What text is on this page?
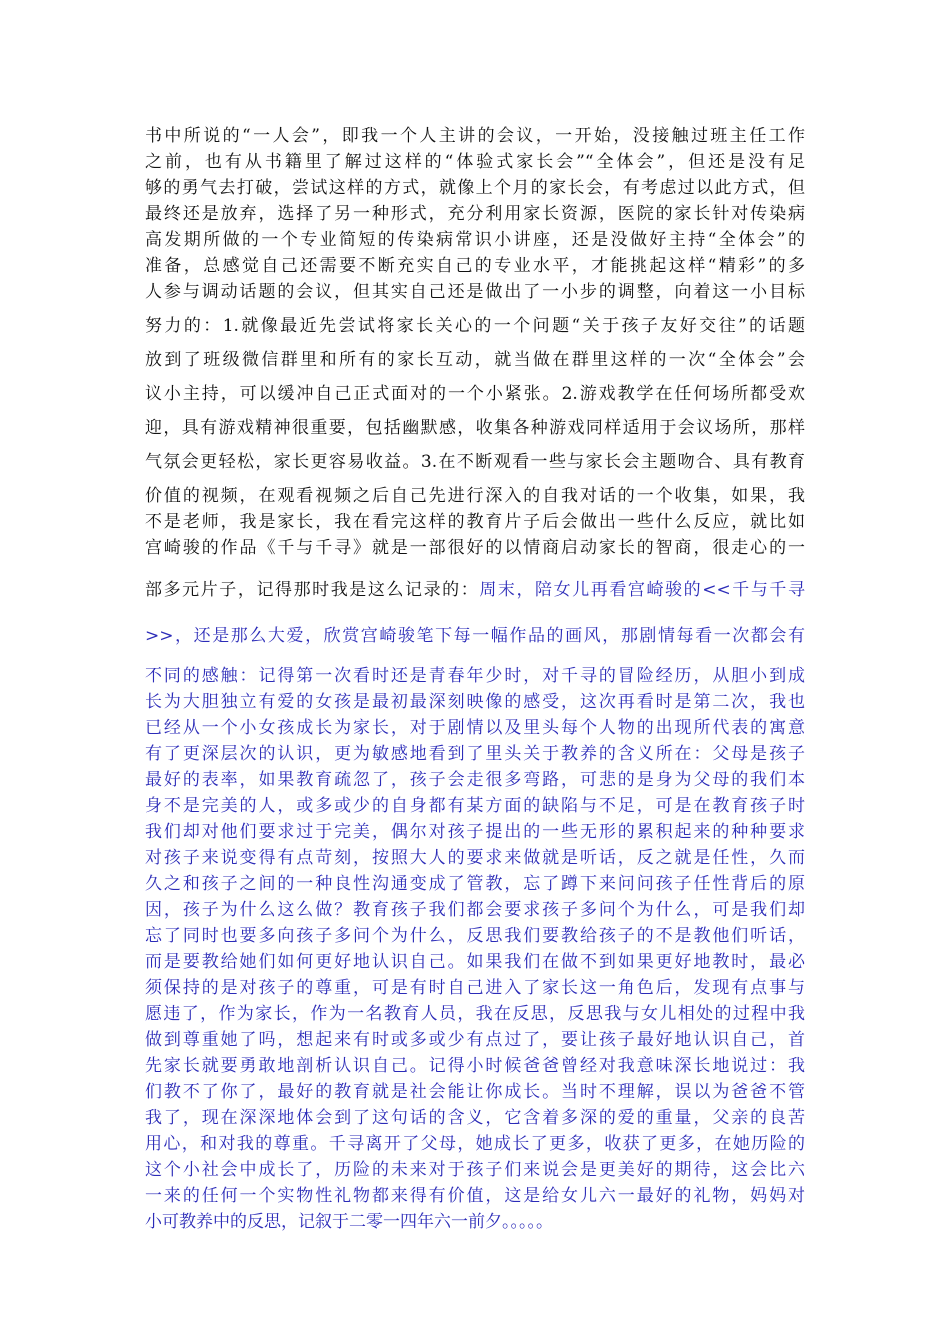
书中所说的“一人会”，即我一个人主讲的会议，一开始，没接触过班主任工作

之前，也有从书籍里了解过这样的“体验式家长会”“全体会”，但还是没有足

够的勇气去打破，尝试这样的方式，就像上个月的家长会，有考虑过以此方式，但

最终还是放弃，选择了另一种形式，充分利用家长资源，医院的家长针对传染病

高发期所做的一个专业简短的传染病常识小讲座，还是没做好主持“全体会”的

准备，总感觉自己还需要不断充实自己的专业水平，才能挑起这样“精彩”的多

人参与调动话题的会议，但其实自己还是做出了一小步的调整，向着这一小目标

努力的：1.就像最近先尝试将家长关心的一个问题“关于孩子友好交往”的话题

放到了班级微信群里和所有的家长互动，就当做在群里这样的一次“全体会”会

议小主持，可以缓冲自己正式面对的一个小紧张。2.游戏教学在任何场所都受欢

迎，具有游戏精神很重要，包括幽默感，收集各种游戏同样适用于会议场所，那样

气氛会更轻松，家长更容易收益。3.在不断观看一些与家长会主题吻合、具有教育

价值的视频，在观看视频之后自己先进行深入的自我对话的一个收集，如果，我

不是老师，我是家长，我在看完这样的教育片子后会做出一些什么反应，就比如

宫崎骏的作品《千与千寻》就是一部很好的以情商启动家长的智商，很走心的一

部多元片子，记得那时我是这么记录的：周末，陪女儿再看宫崎骏的<<千与千寻

>>，还是那么大爱，欣赏宫崎骏笔下每一幅作品的画风，那剧情每看一次都会有

不同的感触：记得第一次看时还是青春年少时，对千寻的冒险经历，从胆小到成

长为大胆独立有爱的女孩是最初最深刻映像的感受，这次再看时是第二次，我也

已经从一个小女孩成长为家长，对于剧情以及里头每个人物的出现所代表的寓意

有了更深层次的认识，更为敏感地看到了里头关于教养的含义所在：父母是孩子

最好的表率，如果教育疏忽了，孩子会走很多弯路，可悲的是身为父母的我们本

身不是完美的人，或多或少的自身都有某方面的缺陷与不足，可是在教育孩子时

我们却对他们要求过于完美，偶尔对孩子提出的一些无形的累积起来的种种要求

对孩子来说变得有点苛刻，按照大人的要求来做就是听话，反之就是任性，久而

久之和孩子之间的一种良性沟通变成了管教，忘了蹲下来问问孩子任性背后的原

因，孩子为什么这么做？教育孩子我们都会要求孩子多问个为什么，可是我们却

忘了同时也要多向孩子多问个为什么，反思我们要教给孩子的不是教他们听话，

而是要教给她们如何更好地认识自己。如果我们在做不到如果更好地教时，最必

须保持的是对孩子的尊重，可是有时自己进入了家长这一角色后，发现有点事与

愿违了，作为家长，作为一名教育人员，我在反思，反思我与女儿相处的过程中我

做到尊重她了吗，想起来有时或多或少有点过了，要让孩子最好地认识自己，首

先家长就要勇敢地剖析认识自己。记得小时候爸爸曾经对我意味深长地说过：我

们教不了你了，最好的教育就是社会能让你成长。当时不理解，误以为爸爸不管

我了，现在深深地体会到了这句话的含义，它含着多深的爱的重量，父亲的良苦

用心，和对我的尊重。千寻离开了父母，她成长了更多，收获了更多，在她历险的

这个小社会中成长了，历险的未来对于孩子们来说会是更美好的期待，这会比六

一来的任何一个实物性礼物都来得有价值，这是给女儿六一最好的礼物，妈妈对

小可教养中的反思，记叙于二零一四年六一前夕。。。。。
